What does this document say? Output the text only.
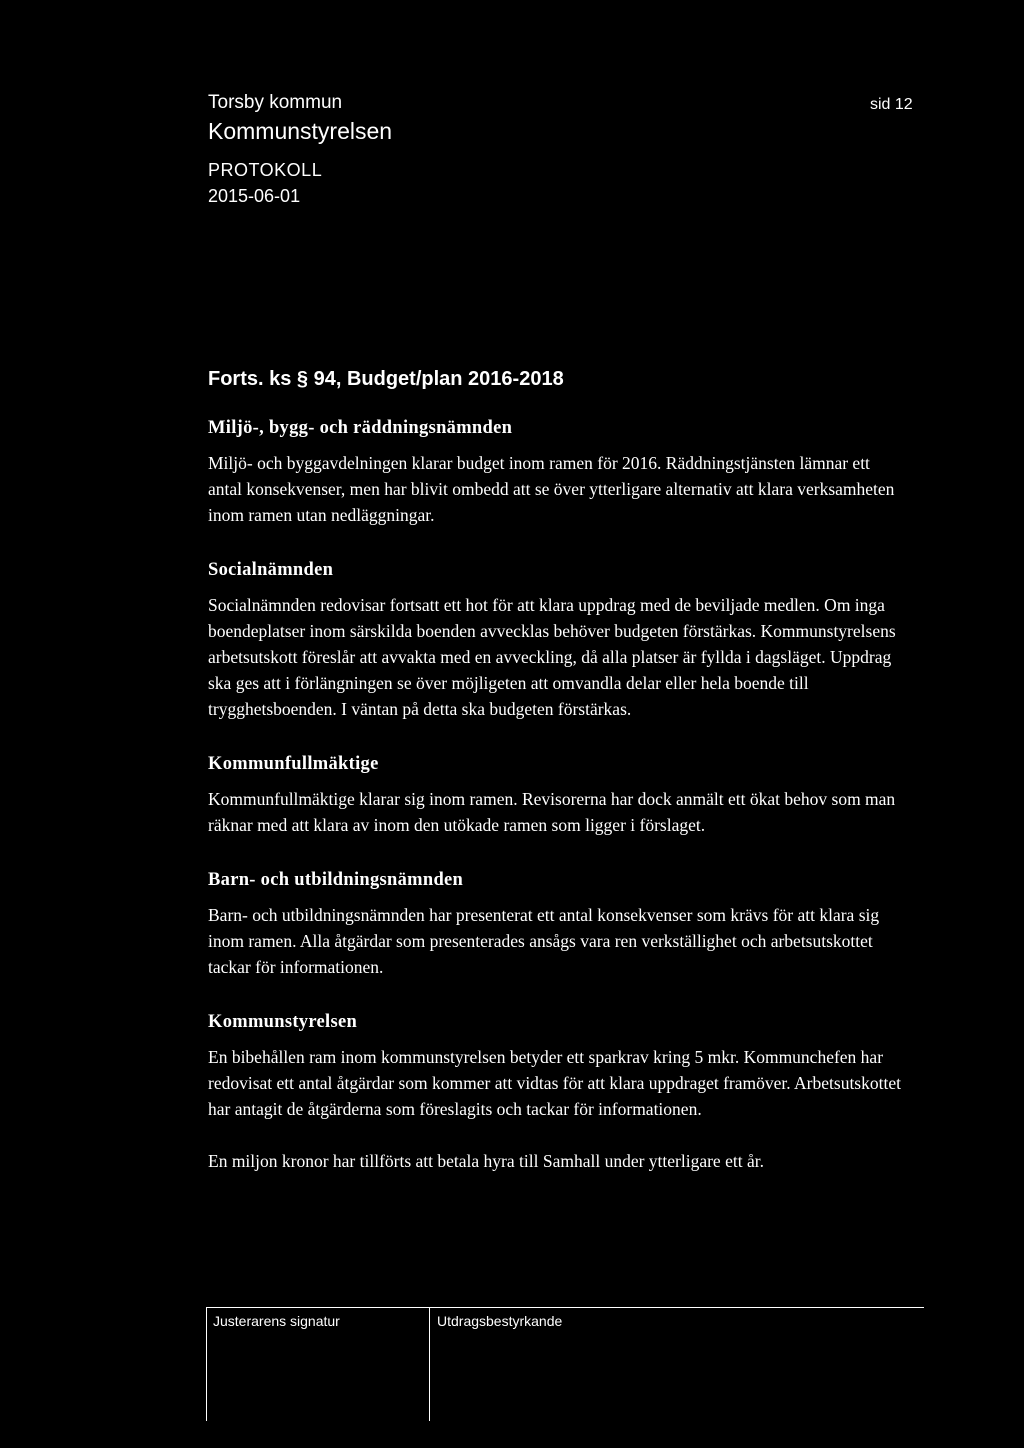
Torsby kommun
Kommunstyrelsen
sid 12
PROTOKOLL
2015-06-01
Forts. ks § 94, Budget/plan 2016-2018
Miljö-, bygg- och räddningsnämnden

Miljö- och byggavdelningen klarar budget inom ramen för 2016. Räddningstjänsten lämnar ett antal konsekvenser, men har blivit ombedd att se över ytterligare alternativ att klara verksamheten inom ramen utan nedläggningar.

Socialnämnden

Socialnämnden redovisar fortsatt ett hot för att klara uppdrag med de beviljade medlen. Om inga boendeplatser inom särskilda boenden avvecklas behöver budgeten förstärkas. Kommunstyrelsens arbetsutskott föreslår att avvakta med en avveckling, då alla platser är fyllda i dagsläget. Uppdrag ska ges att i förlängningen se över möjligeten att omvandla delar eller hela boende till trygghetsboenden. I väntan på detta ska budgeten förstärkas.

Kommunfullmäktige

Kommunfullmäktige klarar sig inom ramen. Revisorerna har dock anmält ett ökat behov som man räknar med att klara av inom den utökade ramen som ligger i förslaget.

Barn- och utbildningsnämnden

Barn- och utbildningsnämnden har presenterat ett antal konsekvenser som krävs för att klara sig inom ramen. Alla åtgärdar som presenterades ansågs vara ren verkställighet och arbetsutskottet tackar för informationen.

Kommunstyrelsen

En bibehållen ram inom kommunstyrelsen betyder ett sparkrav kring 5 mkr. Kommunchefen har redovisat ett antal åtgärdar som kommer att vidtas för att klara uppdraget framöver. Arbetsutskottet har antagit de åtgärderna som föreslagits och tackar för informationen.

En miljon kronor har tillförts att betala hyra till Samhall under ytterligare ett år.

Justerarens signatur	Utdragsbestyrkande
